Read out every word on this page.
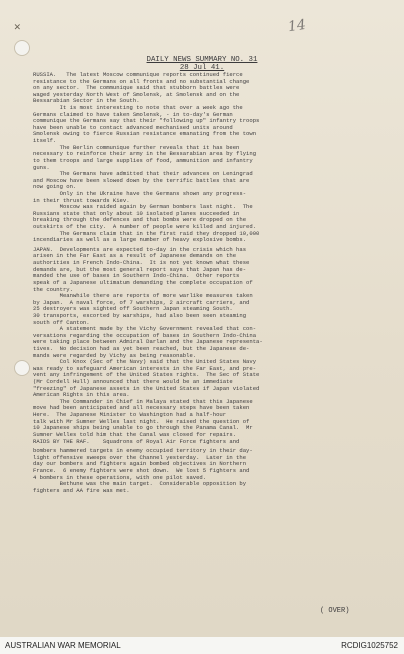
✕	14
DAILY NEWS SUMMARY NO. 31
28 Jul 41.
RUSSIA.   The latest Moscow communique reports continued fierce
resistance to the Germans on all fronts and no substantial change
on any sector.  The communique said that stubborn battles were
waged yesterday North West of Smolensk, at Smolensk and on the
Bessarabian Sector in the South.
It is most interesting to note that over a week ago the
Germans claimed to have taken Smolensk, - in to-day's German
communique the Germans say that their "following up" infantry troops
have been unable to contact advanced mechanised units around
Smolensk owing to fierce Russian resistance emanating from the town
itself.
The Berlin communique further reveals that it has been
necessary to reinforce their army in the Bessarabian area by flying
to them troops and large supplies of food, ammunition and infantry
guns.
The Germans have admitted that their advances on Leningrad
and Moscow have been slowed down by the terrific battles that are
now going on.
Only in the Ukraine have the Germans shown any progress-
in their thrust towards Kiev.
Moscow was raided again by German bombers last night.  The
Russians state that only about 10 isolated planes succeeded in
breaking through the defences and that bombs were dropped on the
outskirts of the city.  A number of people were killed and injured.
The Germans claim that in the first raid they dropped 10,000
incendiaries as well as a large number of heavy explosive bombs.
JAPAN.  Developments are expected to-day in the crisis which has
arisen in the Far East as a result of Japanese demands on the
authorities in French Indo-China.  It is not yet known what these
demands are, but the most general report says that Japan has de-
manded the use of bases in Southern Indo-China.  Other reports
speak of a Japanese ultimatum demanding the complete occupation of
the country.
Meanwhile there are reports of more warlike measures taken
by Japan.  A naval force, of 7 warships, 2 aircraft carriers, and
25 destroyers was sighted off Southern Japan steaming South.
30 transports, escorted by warships, had also been seen steaming
south off Canton.
A statement made by the Vichy Government revealed that con-
versations regarding the occupation of bases in Southern Indo-China
were taking place between Admiral Darlan and the Japanese representa-
tives.  No decision had as yet been reached, but the Japanese de-
mands were regarded by Vichy as being reasonable.
Col Knox (Sec of the Navy) said that the United States Navy
was ready to safeguard American interests in the Far East, and pre-
vent any infringement of the United States rights.  The Sec of State
(Mr Cordell Hull) announced that there would be an immediate
"freezing" of Japanese assets in the United States if Japan violated
American Rights in this area.
The Commander in Chief in Malaya stated that this Japanese
move had been anticipated and all necessary steps have been taken
Here.  The Japanese Minister to Washington had a half-hour
talk with Mr Sumner Welles last night.  He raised the question of
10 Japanese ships being unable to go through the Panama Canal.  Mr
Sumner Welles told him that the Canal was closed for repairs.
RAIDS BY THE RAF.    Squadrons of Royal Air Force fighters and
bombers hammered targets in enemy occupied territory in their day-
light offensive sweeps over the Channel yesterday.  Later in the
day our bombers and fighters again bombed objectives in Northern
France.  6 enemy fighters were shot down.  We lost 5 fighters and
4 bombers in these operations, with one pilot saved.
Bethune was the main target.  Considerable opposition by
fighters and AA fire was met.
( OVER)
AUSTRALIAN WAR MEMORIAL	RCDIG1025752
